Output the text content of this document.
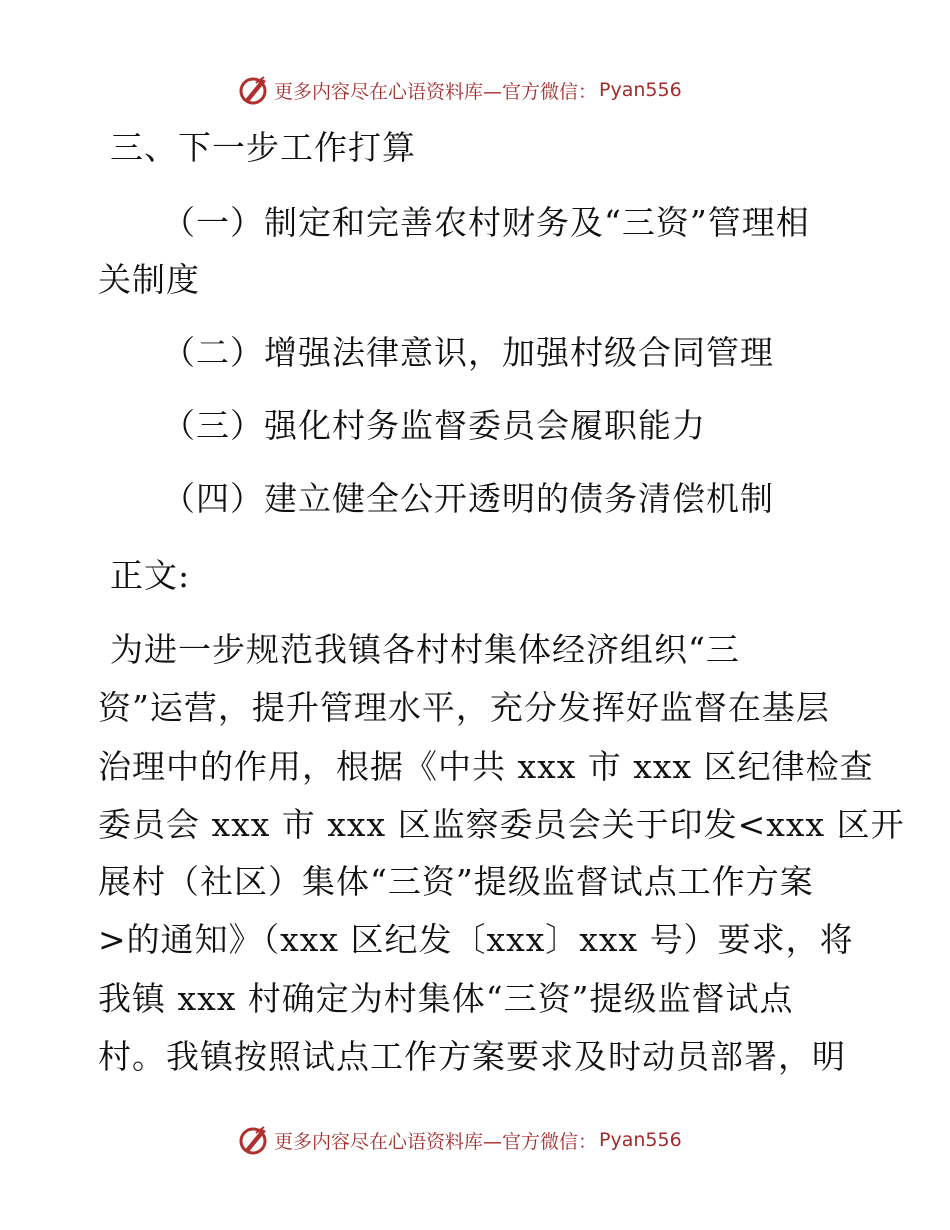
更多内容尽在心语资料库—官方微信： Pyan556
三、下一步工作打算
（一）制定和完善农村财务及“三资”管理相
关制度
（二）增强法律意识，加强村级合同管理
（三）强化村务监督委员会履职能力
（四）建立健全公开透明的债务清偿机制
正文:
为进一步规范我镇各村村集体经济组织“三
资”运营，提升管理水平，充分发挥好监督在基层
治理中的作用，根据《中共 xxx 市 xxx 区纪律检查
委员会 xxx 市 xxx 区监察委员会关于印发<xxx 区开
展村（社区）集体“三资”提级监督试点工作方案
>的通知》（xxx 区纪发〔xxx〕xxx 号）要求，将
我镇 xxx 村确定为村集体“三资”提级监督试点
村。我镇按照试点工作方案要求及时动员部署，明
更多内容尽在心语资料库—官方微信： Pyan556
